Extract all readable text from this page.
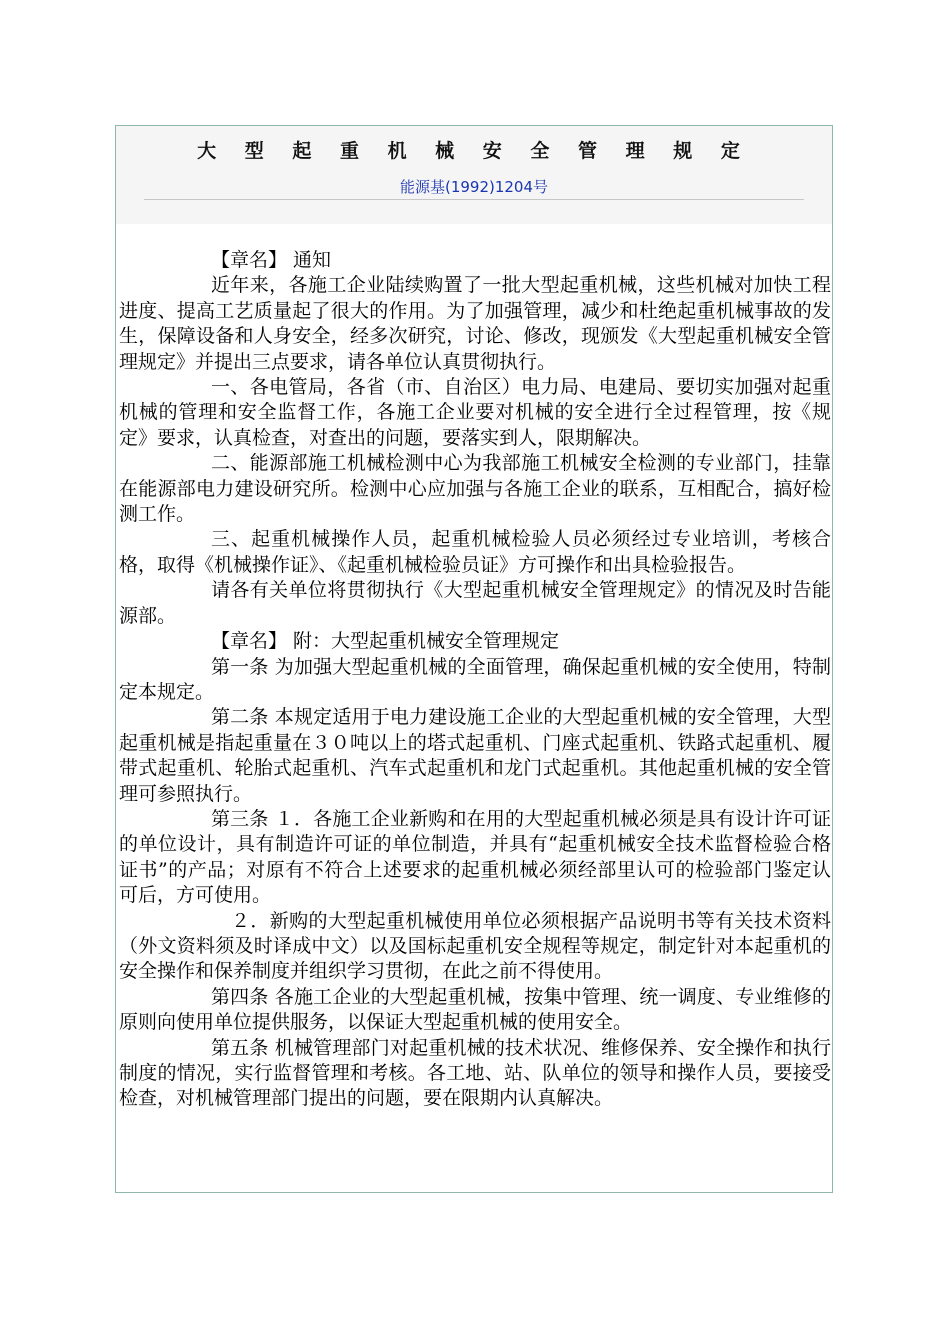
大 型 起 重 机 械 安 全 管 理 规 定
能源基(1992)1204号

【章名】 通知

近年来，各施工企业陆续购置了一批大型起重机械，这些机械对加快工程进度、提高工艺质量起了很大的作用。为了加强管理，减少和杜绝起重机械事故的发生，保障设备和人身安全，经多次研究，讨论、修改，现颁发《大型起重机械安全管理规定》并提出三点要求，请各单位认真贯彻执行。

一、各电管局，各省（市、自治区）电力局、电建局、要切实加强对起重机械的管理和安全监督工作，各施工企业要对机械的安全进行全过程管理，按《规定》要求，认真检查，对查出的问题，要落实到人，限期解决。

二、能源部施工机械检测中心为我部施工机械安全检测的专业部门，挂靠在能源部电力建设研究所。检测中心应加强与各施工企业的联系，互相配合，搞好检测工作。

三、起重机械操作人员，起重机械检验人员必须经过专业培训，考核合格，取得《机械操作证》、《起重机械检验员证》方可操作和出具检验报告。

请各有关单位将贯彻执行《大型起重机械安全管理规定》的情况及时告能源部。

【章名】 附：大型起重机械安全管理规定

第一条 为加强大型起重机械的全面管理，确保起重机械的安全使用，特制定本规定。

第二条 本规定适用于电力建设施工企业的大型起重机械的安全管理，大型起重机械是指起重量在３０吨以上的塔式起重机、门座式起重机、铁路式起重机、履带式起重机、轮胎式起重机、汽车式起重机和龙门式起重机。其他起重机械的安全管理可参照执行。

第三条 １．各施工企业新购和在用的大型起重机械必须是具有设计许可证的单位设计，具有制造许可证的单位制造，并具有“起重机械安全技术监督检验合格证书”的产品；对原有不符合上述要求的起重机械必须经部里认可的检验部门鉴定认可后，方可使用。

２．新购的大型起重机械使用单位必须根据产品说明书等有关技术资料（外文资料须及时译成中文）以及国标起重机安全规程等规定，制定针对本起重机的安全操作和保养制度并组织学习贯彻，在此之前不得使用。

第四条 各施工企业的大型起重机械，按集中管理、统一调度、专业维修的原则向使用单位提供服务，以保证大型起重机械的使用安全。

第五条 机械管理部门对起重机械的技术状况、维修保养、安全操作和执行制度的情况，实行监督管理和考核。各工地、站、队单位的领导和操作人员，要接受检查，对机械管理部门提出的问题，要在限期内认真解决。
